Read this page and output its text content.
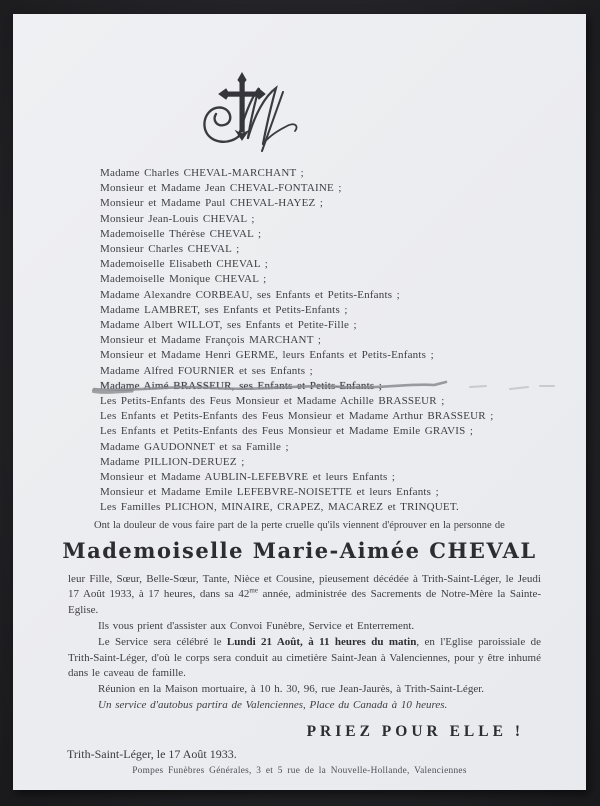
Madame Charles CHEVAL-MARCHANT ;
Monsieur et Madame Jean CHEVAL-FONTAINE ;
Monsieur et Madame Paul CHEVAL-HAYEZ ;
Monsieur Jean-Louis CHEVAL ;
Mademoiselle Thérèse CHEVAL ;
Monsieur Charles CHEVAL ;
Mademoiselle Elisabeth CHEVAL ;
Mademoiselle Monique CHEVAL ;
Madame Alexandre CORBEAU, ses Enfants et Petits-Enfants ;
Madame LAMBRET, ses Enfants et Petits-Enfants ;
Madame Albert WILLOT, ses Enfants et Petite-Fille ;
Monsieur et Madame François MARCHANT ;
Monsieur et Madame Henri GERME, leurs Enfants et Petits-Enfants ;
Madame Alfred FOURNIER et ses Enfants ;
Madame Aimé BRASSEUR, ses Enfants et Petits-Enfants ;
Les Petits-Enfants des Feus Monsieur et Madame Achille BRASSEUR ;
Les Enfants et Petits-Enfants des Feus Monsieur et Madame Arthur BRASSEUR ;
Les Enfants et Petits-Enfants des Feus Monsieur et Madame Emile GRAVIS ;
Madame GAUDONNET et sa Famille ;
Madame PILLION-DERUEZ ;
Monsieur et Madame AUBLIN-LEFEBVRE et leurs Enfants ;
Monsieur et Madame Emile LEFEBVRE-NOISETTE et leurs Enfants ;
Les Familles PLICHON, MINAIRE, CRAPEZ, MACAREZ et TRINQUET.
Ont la douleur de vous faire part de la perte cruelle qu'ils viennent d'éprouver en la personne de
Mademoiselle Marie-Aimée CHEVAL

leur Fille, Sœur, Belle-Sœur, Tante, Nièce et Cousine, pieusement décédée à Trith-Saint-Léger, le Jeudi 17 Août 1933, à 17 heures, dans sa $42^{me}$ année, administrée des Sacrements de Notre-Mère la Sainte-Eglise.

Ils vous prient d'assister aux Convoi Funèbre, Service et Enterrement.

Le Service sera célébré le Lundi 21 Août, à 11 heures du matin, en l'Eglise paroissiale de Trith-Saint-Léger, d'où le corps sera conduit au cimetière Saint-Jean à Valenciennes, pour y être inhumé dans le caveau de famille.

Réunion en la Maison mortuaire, à 10 h. 30, 96, rue Jean-Jaurès, à Trith-Saint-Léger.

Un service d'autobus partira de Valenciennes, Place du Canada à 10 heures.

PRIEZ POUR ELLE !
Trith-Saint-Léger, le 17 Août 1933.
Pompes Funèbres Générales, 3 et 5 rue de la Nouvelle-Hollande, Valenciennes
